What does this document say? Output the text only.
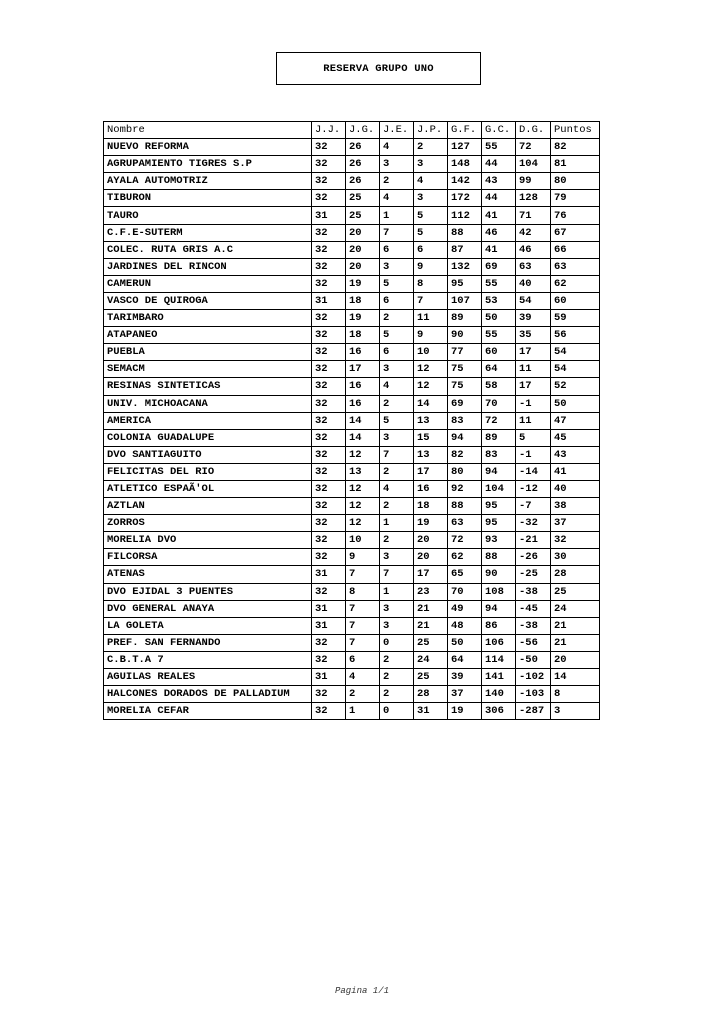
RESERVA GRUPO UNO
Nombre	J.J.	J.G.	J.E.	J.P.	G.F.	G.C.	D.G.	Puntos
NUEVO REFORMA	32	26	4	2	127	55	72	82
AGRUPAMIENTO TIGRES S.P	32	26	3	3	148	44	104	81
AYALA AUTOMOTRIZ	32	26	2	4	142	43	99	80
TIBURON	32	25	4	3	172	44	128	79
TAURO	31	25	1	5	112	41	71	76
C.F.E-SUTERM	32	20	7	5	88	46	42	67
COLEC. RUTA GRIS A.C	32	20	6	6	87	41	46	66
JARDINES DEL RINCON	32	20	3	9	132	69	63	63
CAMERUN	32	19	5	8	95	55	40	62
VASCO DE QUIROGA	31	18	6	7	107	53	54	60
TARIMBARO	32	19	2	11	89	50	39	59
ATAPANEO	32	18	5	9	90	55	35	56
PUEBLA	32	16	6	10	77	60	17	54
SEMACM	32	17	3	12	75	64	11	54
RESINAS SINTETICAS	32	16	4	12	75	58	17	52
UNIV. MICHOACANA	32	16	2	14	69	70	-1	50
AMERICA	32	14	5	13	83	72	11	47
COLONIA GUADALUPE	32	14	3	15	94	89	5	45
DVO SANTIAGUITO	32	12	7	13	82	83	-1	43
FELICITAS DEL RIO	32	13	2	17	80	94	-14	41
ATLETICO ESPAÃ'OL	32	12	4	16	92	104	-12	40
AZTLAN	32	12	2	18	88	95	-7	38
ZORROS	32	12	1	19	63	95	-32	37
MORELIA DVO	32	10	2	20	72	93	-21	32
FILCORSA	32	9	3	20	62	88	-26	30
ATENAS	31	7	7	17	65	90	-25	28
DVO EJIDAL 3 PUENTES	32	8	1	23	70	108	-38	25
DVO GENERAL ANAYA	31	7	3	21	49	94	-45	24
LA GOLETA	31	7	3	21	48	86	-38	21
PREF. SAN FERNANDO	32	7	0	25	50	106	-56	21
C.B.T.A 7	32	6	2	24	64	114	-50	20
AGUILAS REALES	31	4	2	25	39	141	-102	14
HALCONES DORADOS DE PALLADIUM	32	2	2	28	37	140	-103	8
MORELIA CEFAR	32	1	0	31	19	306	-287	3
Pagina 1/1
